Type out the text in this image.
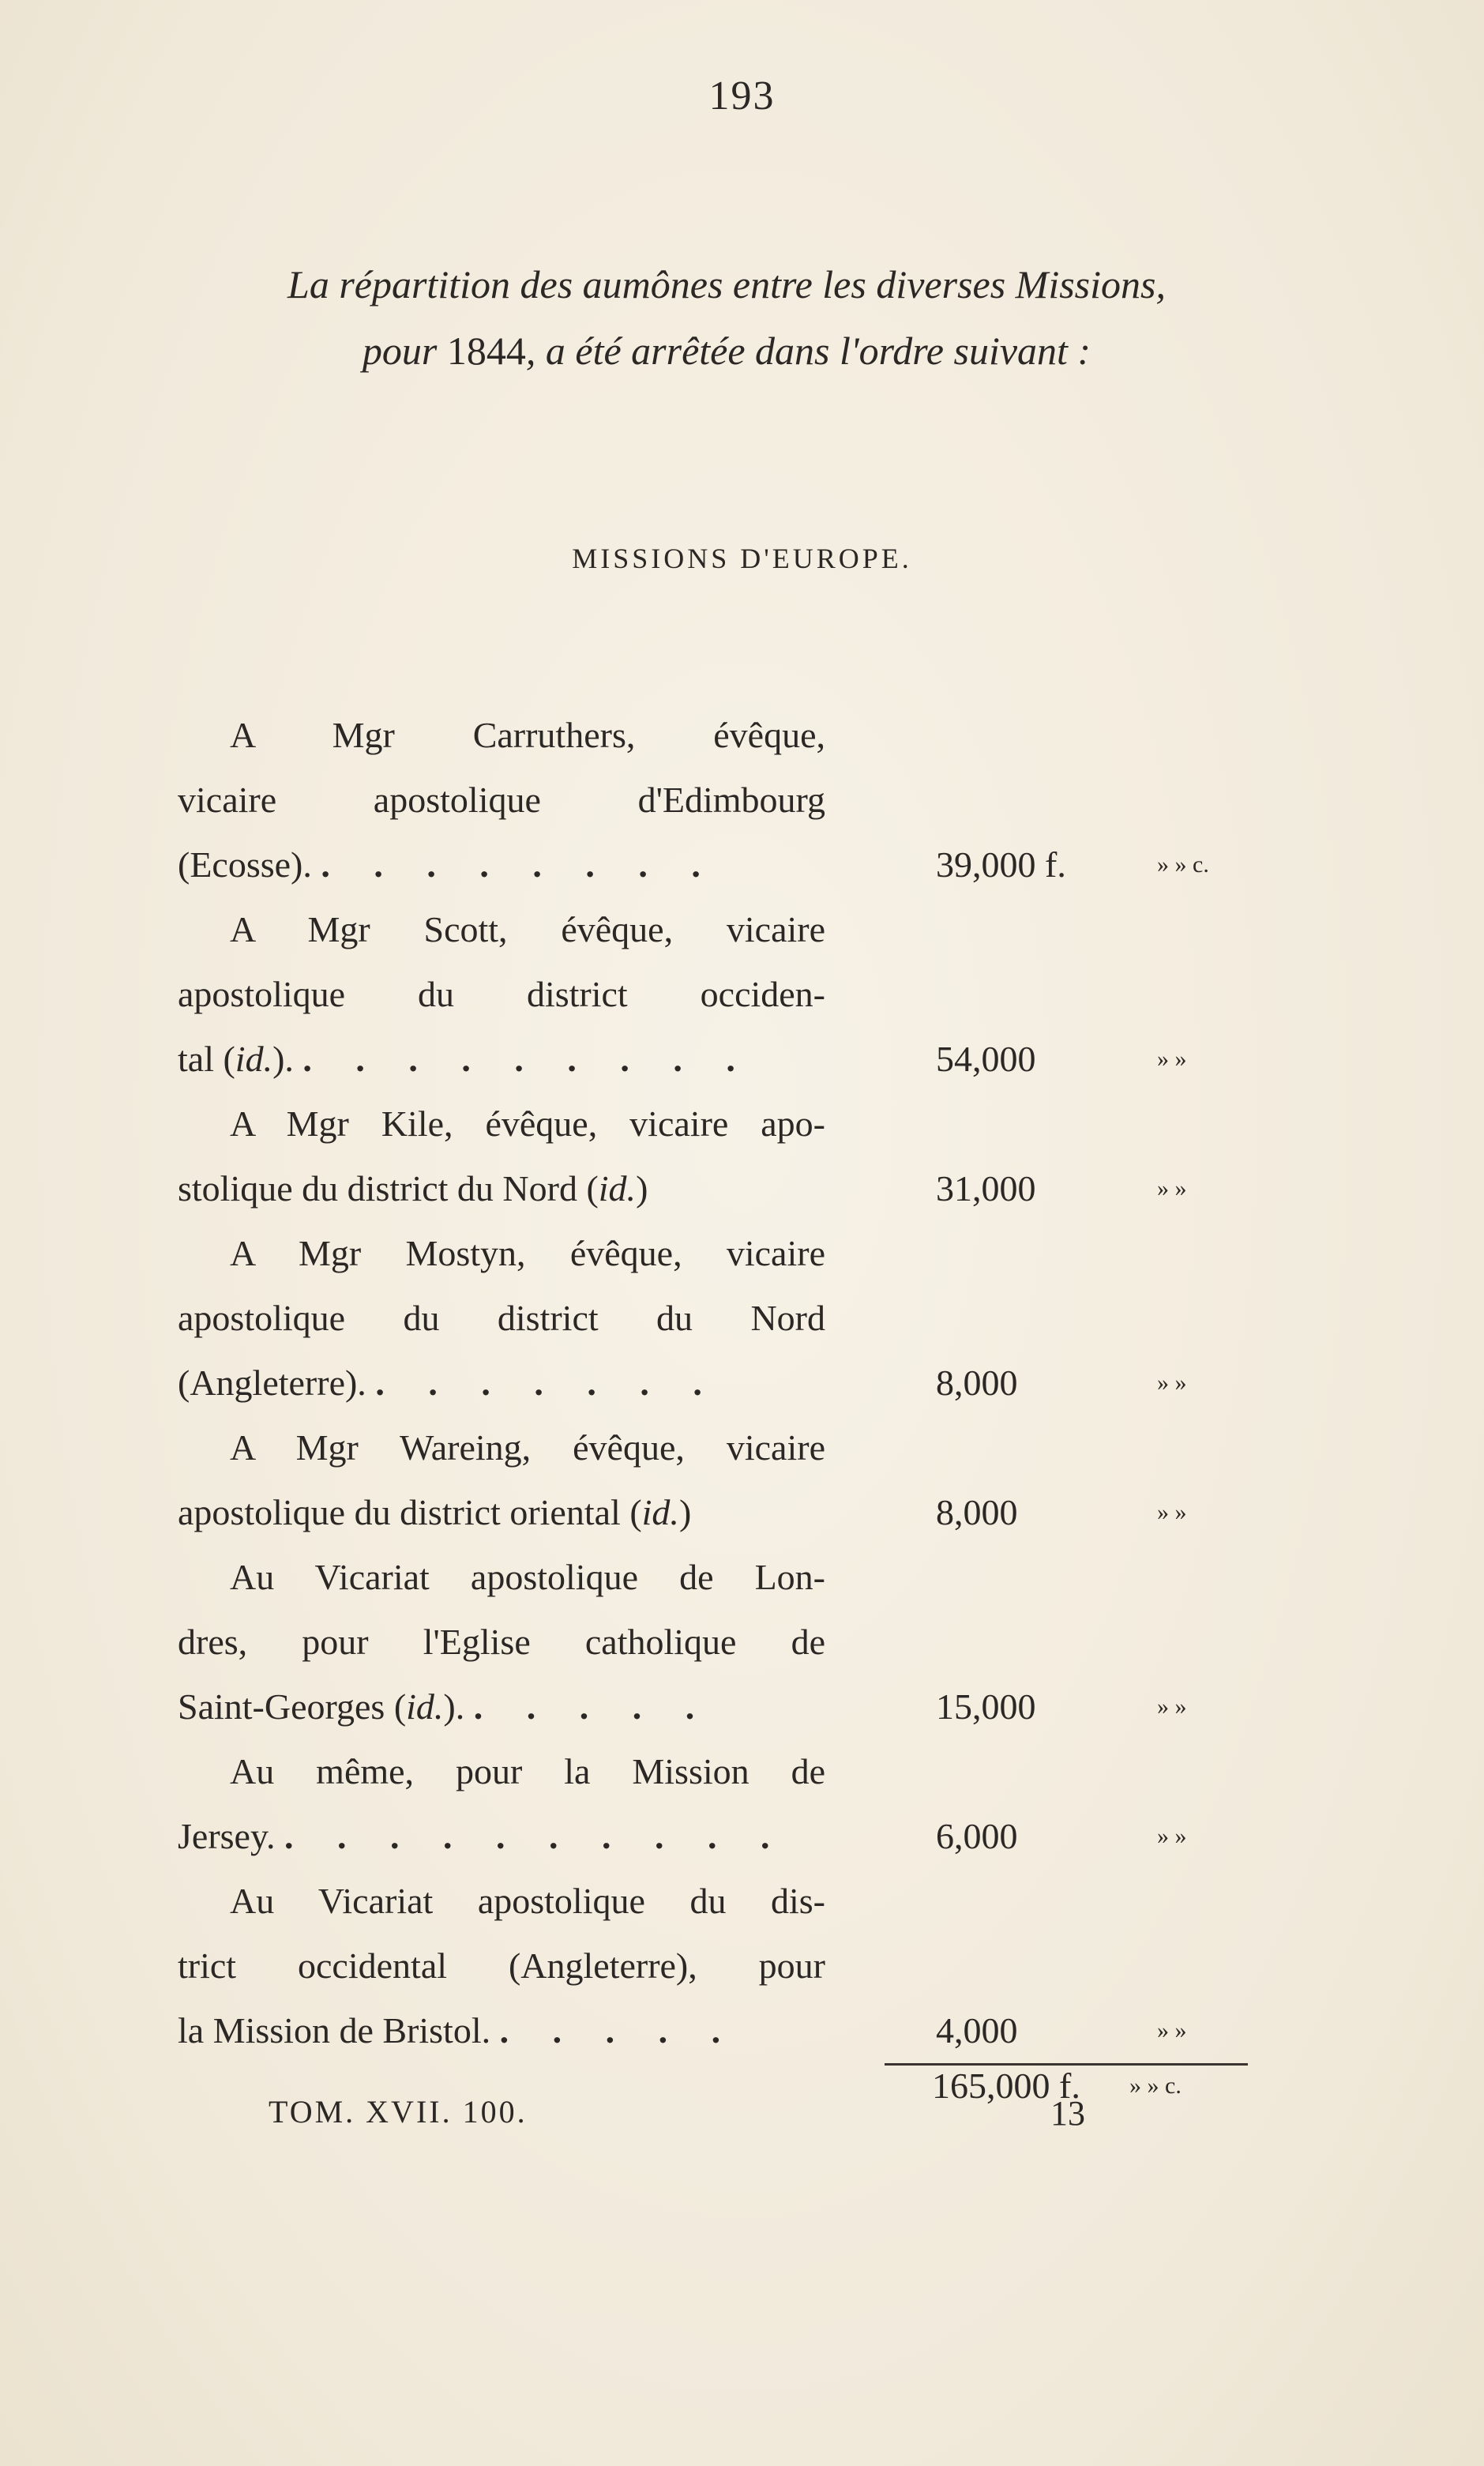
193
La répartition des aumônes entre les diverses Missions,
pour 1844, a été arrêtée dans l'ordre suivant :
MISSIONS D'EUROPE.
A Mgr Carruthers, évêque,
vicaire apostolique d'Edimbourg
(Ecosse). . . . . . . . .	39,000 f.	» » c.
A Mgr Scott, évêque, vicaire
apostolique du district occiden-
tal (id.). . . . . . . . . .	54,000	» »
A Mgr Kile, évêque, vicaire apo-
stolique du district du Nord (id.)	31,000	» »
A Mgr Mostyn, évêque, vicaire
apostolique du district du Nord
(Angleterre). . . . . . . .	8,000	» »
A Mgr Wareing, évêque, vicaire
apostolique du district oriental (id.)	8,000	» »
Au Vicariat apostolique de Lon-
dres, pour l'Eglise catholique de
Saint-Georges (id.). . . . . .	15,000	» »
Au même, pour la Mission de
Jersey. . . . . . . . . . .	6,000	» »
Au Vicariat apostolique du dis-
trict occidental (Angleterre), pour
la Mission de Bristol. . . . . .	4,000	» »
165,000 f. » » c.
TOM. XVII. 100.	13
